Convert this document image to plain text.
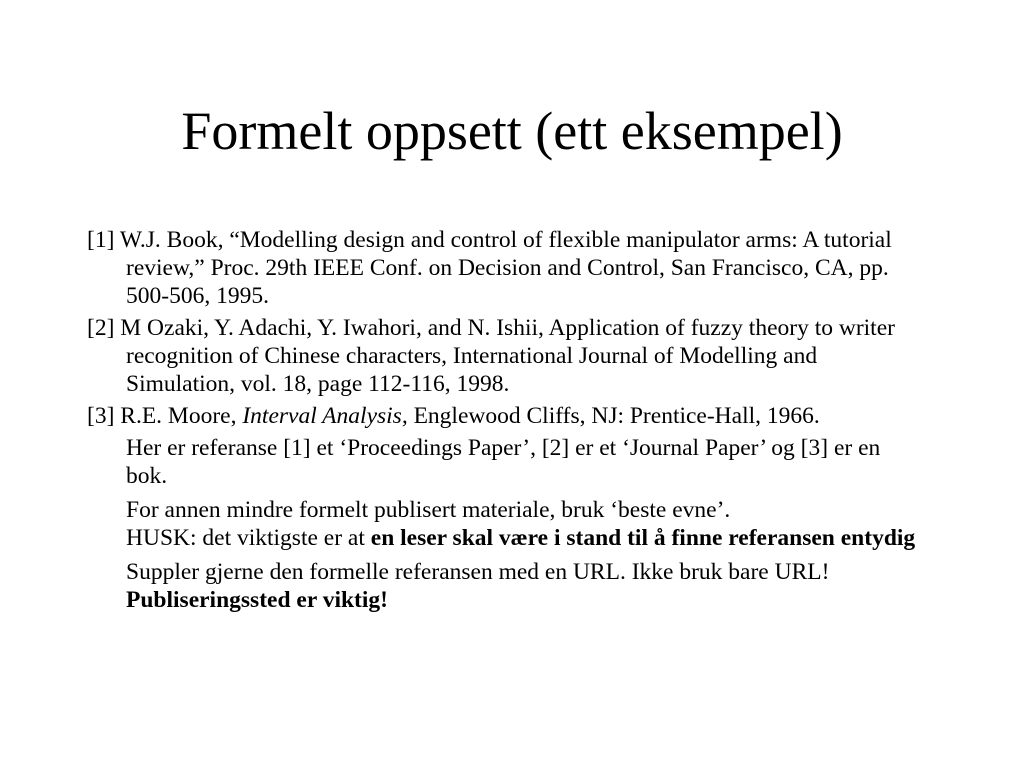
Formelt oppsett (ett eksempel)

[1] W.J. Book, “Modelling design and control of flexible manipulator arms: A tutorial review,” Proc. 29th IEEE Conf. on Decision and Control, San Francisco, CA, pp. 500-506, 1995.

[2] M Ozaki, Y. Adachi, Y. Iwahori, and N. Ishii, Application of fuzzy theory to writer recognition of Chinese characters, International Journal of Modelling and Simulation, vol. 18, page 112-116, 1998.

[3] R.E. Moore, Interval Analysis, Englewood Cliffs, NJ: Prentice-Hall, 1966.

Her er referanse [1] et ‘Proceedings Paper’, [2] er et ‘Journal Paper’ og [3] er en bok.

For annen mindre formelt publisert materiale, bruk ‘beste evne’.
HUSK: det viktigste er at en leser skal være i stand til å finne referansen entydig

Suppler gjerne den formelle referansen med en URL. Ikke bruk bare URL! Publiseringssted er viktig!
